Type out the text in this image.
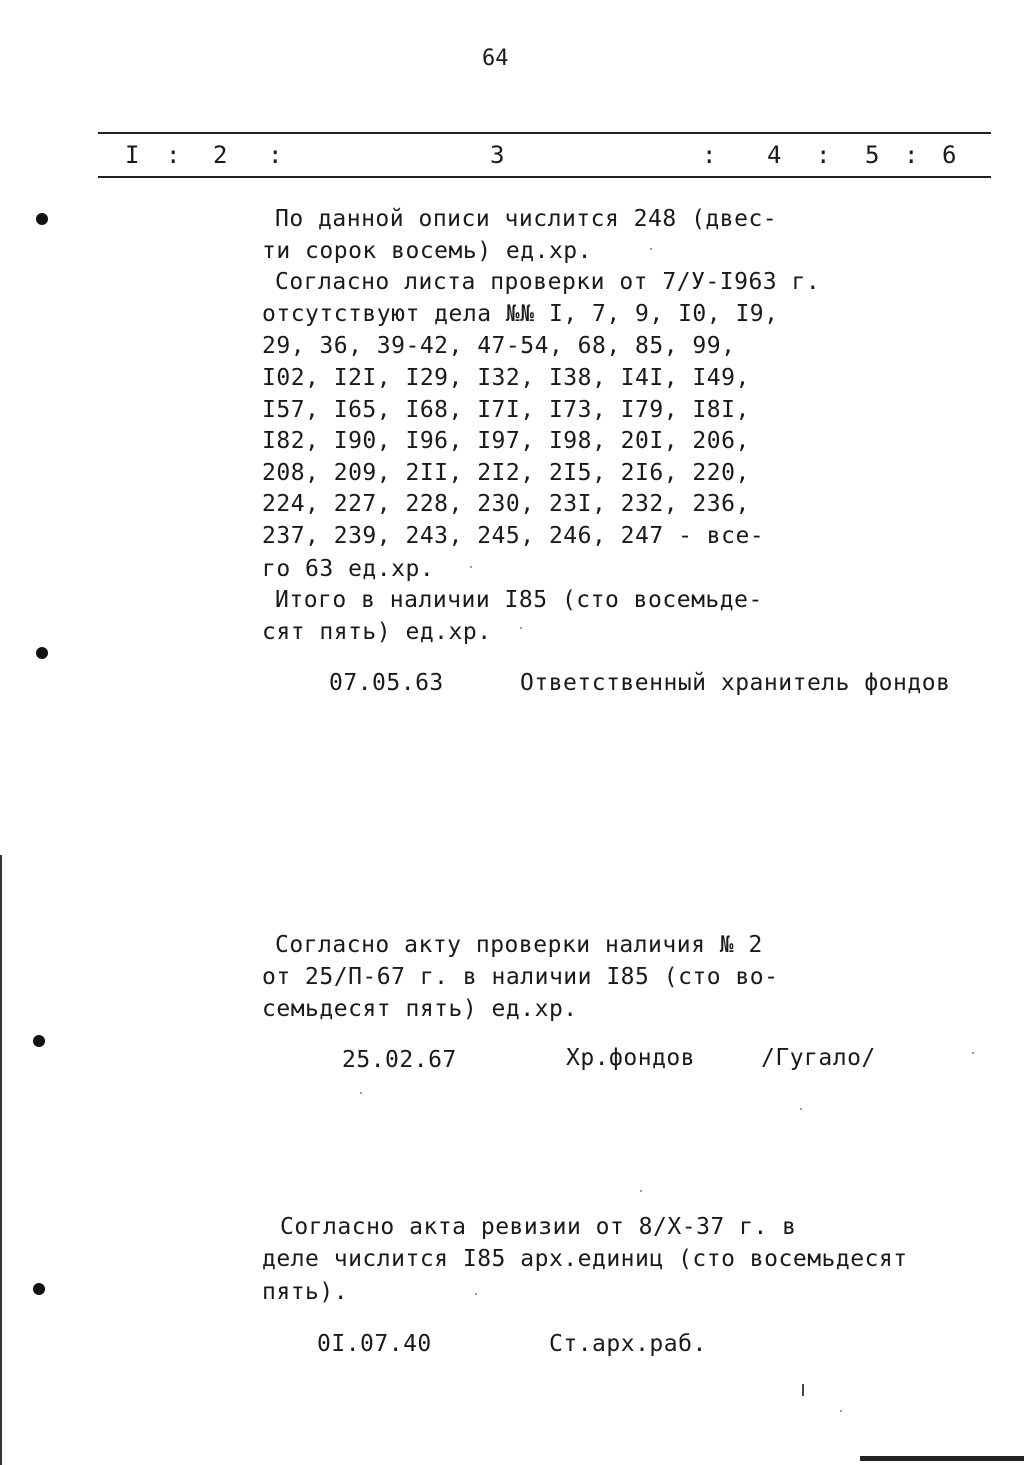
64
I : 2 :	3	: 4 : 5 : 6
По данной описи числится 248 (двес-
ти сорок восемь) ед.хр.
Согласно листа проверки от 7/У-I963 г.
отсутствуют дела №№ I, 7, 9, I0, I9,
29, 36, 39-42, 47-54, 68, 85, 99,
I02, I2I, I29, I32, I38, I4I, I49,
I57, I65, I68, I7I, I73, I79, I8I,
I82, I90, I96, I97, I98, 20I, 206,
208, 209, 2II, 2I2, 2I5, 2I6, 220,
224, 227, 228, 230, 23I, 232, 236,
237, 239, 243, 245, 246, 247 - все-
го 63 ед.хр.
Итого в наличии I85 (сто восемьде-
сят пять) ед.хр.
07.05.63	Ответственный хранитель фондов
Согласно акту проверки наличия № 2
от 25/П-67 г. в наличии I85 (сто во-
семьдесят пять) ед.хр.
25.02.67	Хр.фондов	/Гугало/
Согласно акта ревизии от 8/Х-37 г. в
деле числится I85 арх.единиц (сто восемьдесят
пять).
0I.07.40	Ст.арх.раб.
